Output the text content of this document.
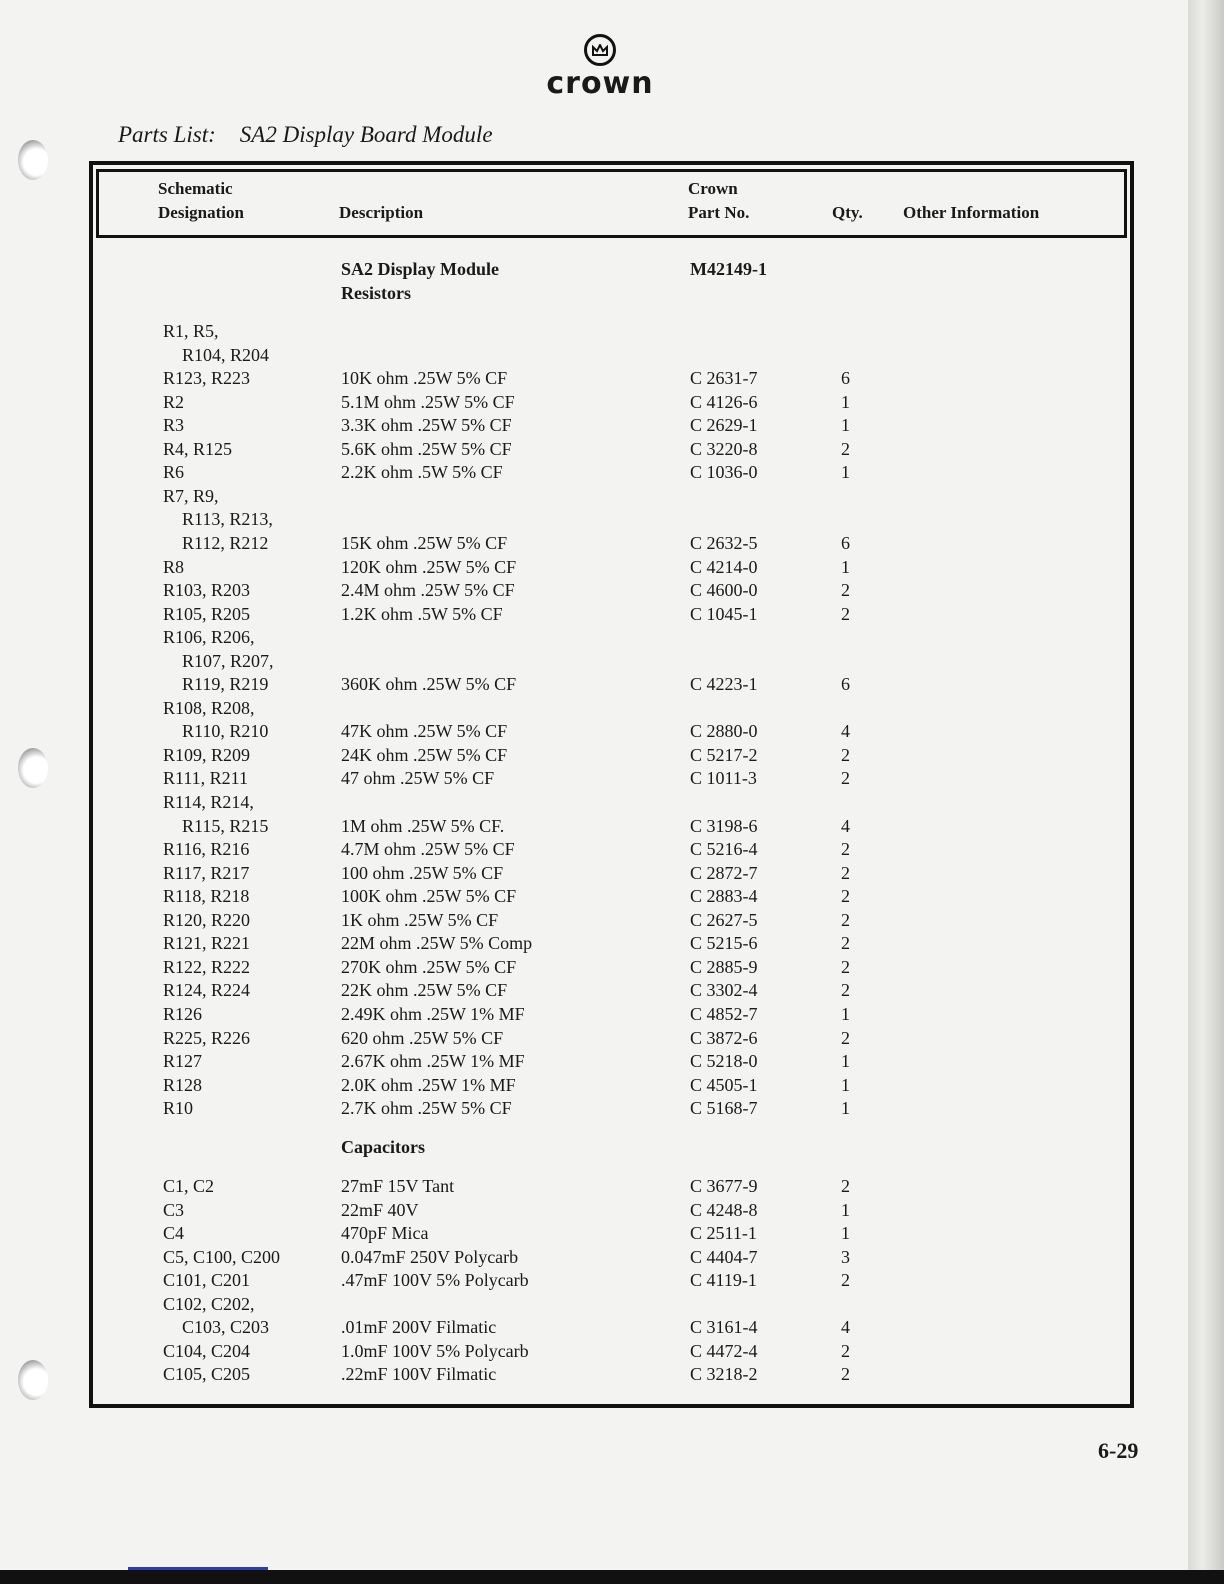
crown
Parts List: SA2 Display Board Module
Schematic
Designation	Description
Crown
Part No.	Qty. Other Information
SA2 Display Module	M42149-1
Resistors
R1, R5,
R104, R204
R123, R223	10K ohm .25W 5% CF	C 2631-7	6
R2	5.1M ohm .25W 5% CF	C 4126-6	1
R3	3.3K ohm .25W 5% CF	C 2629-1	1
R4, R125	5.6K ohm .25W 5% CF	C 3220-8	2
R6	2.2K ohm .5W 5% CF	C 1036-0	1
R7, R9,
R113, R213,
R112, R212	15K ohm .25W 5% CF	C 2632-5	6
R8	120K ohm .25W 5% CF	C 4214-0	1
R103, R203	2.4M ohm .25W 5% CF	C 4600-0	2
R105, R205	1.2K ohm .5W 5% CF	C 1045-1	2
R106, R206,
R107, R207,
R119, R219	360K ohm .25W 5% CF	C 4223-1	6
R108, R208,
R110, R210	47K ohm .25W 5% CF	C 2880-0	4
R109, R209	24K ohm .25W 5% CF	C 5217-2	2
R111, R211	47 ohm .25W 5% CF	C 1011-3	2
R114, R214,
R115, R215	1M ohm .25W 5% CF.	C 3198-6	4
R116, R216	4.7M ohm .25W 5% CF	C 5216-4	2
R117, R217	100 ohm .25W 5% CF	C 2872-7	2
R118, R218	100K ohm .25W 5% CF	C 2883-4	2
R120, R220	1K ohm .25W 5% CF	C 2627-5	2
R121, R221	22M ohm .25W 5% Comp	C 5215-6	2
R122, R222	270K ohm .25W 5% CF	C 2885-9	2
R124, R224	22K ohm .25W 5% CF	C 3302-4	2
R126	2.49K ohm .25W 1% MF	C 4852-7	1
R225, R226	620 ohm .25W 5% CF	C 3872-6	2
R127	2.67K ohm .25W 1% MF	C 5218-0	1
R128	2.0K ohm .25W 1% MF	C 4505-1	1
R10	2.7K ohm .25W 5% CF	C 5168-7	1
Capacitors
C1, C2	27mF 15V Tant	C 3677-9	2
C3	22mF 40V	C 4248-8	1
C4	470pF Mica	C 2511-1	1
C5, C100, C200	0.047mF 250V Polycarb	C 4404-7	3
C101, C201	.47mF 100V 5% Polycarb	C 4119-1	2
C102, C202,
C103, C203	.01mF 200V Filmatic	C 3161-4	4
C104, C204	1.0mF 100V 5% Polycarb	C 4472-4	2
C105, C205	.22mF 100V Filmatic	C 3218-2	2
6-29
